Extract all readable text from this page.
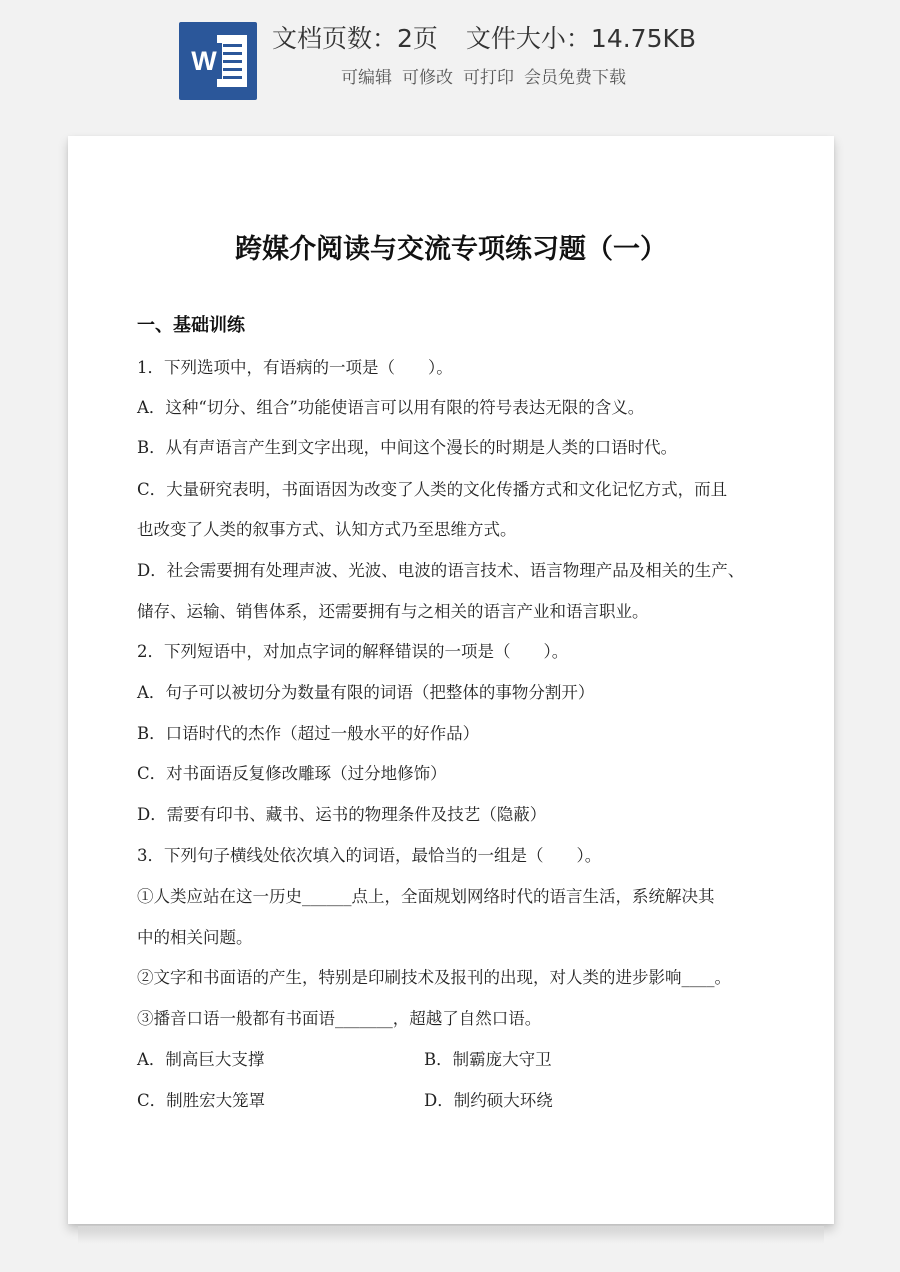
W
文档页数：2页 文件大小：14.75KB
可编辑 可修改 可打印 会员免费下载
跨媒介阅读与交流专项练习题（一）
一、基础训练
1．下列选项中，有语病的一项是（　　）。
A．这种“切分、组合”功能使语言可以用有限的符号表达无限的含义。
B．从有声语言产生到文字出现，中间这个漫长的时期是人类的口语时代。
C．大量研究表明，书面语因为改变了人类的文化传播方式和文化记忆方式，而且
也改变了人类的叙事方式、认知方式乃至思维方式。
D．社会需要拥有处理声波、光波、电波的语言技术、语言物理产品及相关的生产、
储存、运输、销售体系，还需要拥有与之相关的语言产业和语言职业。
2．下列短语中，对加点字词的解释错误的一项是（　　）。
A．句子可以被切分为数量有限的词语（把整体的事物分割开）
B．口语时代的杰作（超过一般水平的好作品）
C．对书面语反复修改雕琢（过分地修饰）
D．需要有印书、藏书、运书的物理条件及技艺（隐蔽）
3．下列句子横线处依次填入的词语，最恰当的一组是（　　）。
①人类应站在这一历史______点上，全面规划网络时代的语言生活，系统解决其
中的相关问题。
②文字和书面语的产生，特别是印刷技术及报刊的出现，对人类的进步影响____。
③播音口语一般都有书面语_______，超越了自然口语。
A．制高巨大支撑	B．制霸庞大守卫
C．制胜宏大笼罩	D．制约硕大环绕
